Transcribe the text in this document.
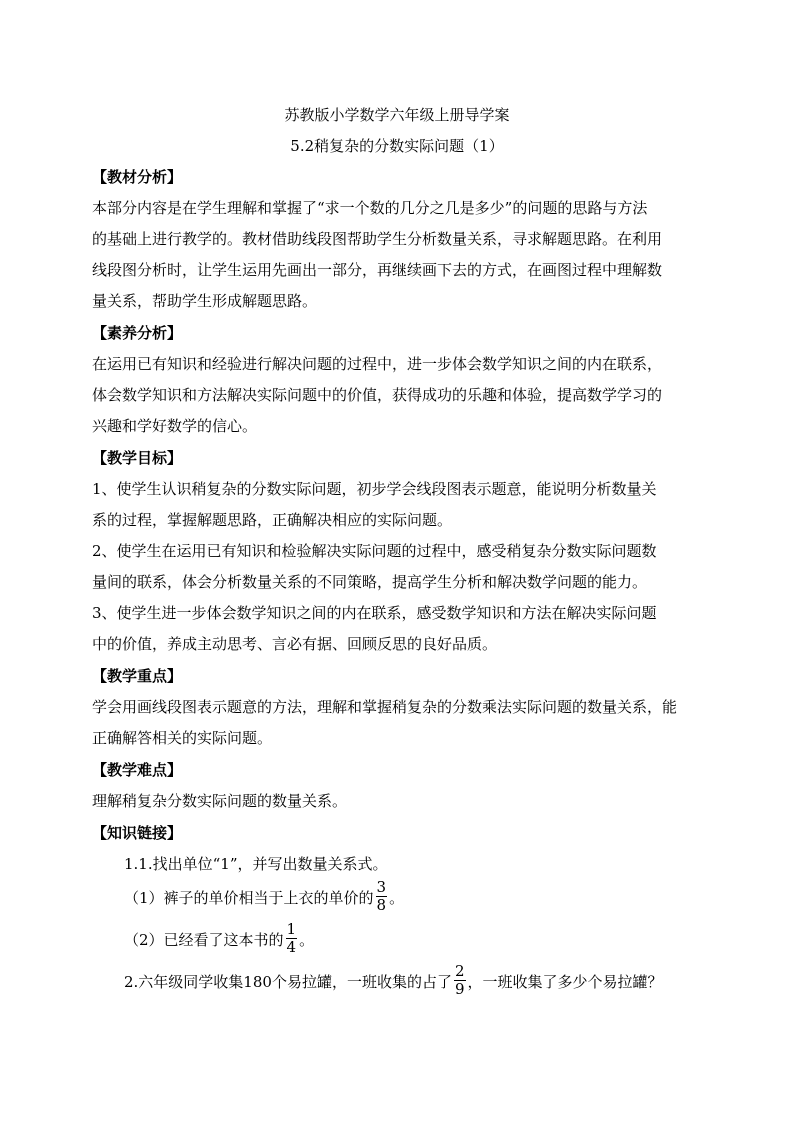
苏教版小学数学六年级上册导学案
5.2稍复杂的分数实际问题（1）
【教材分析】
本部分内容是在学生理解和掌握了“求一个数的几分之几是多少”的问题的思路与方法
的基础上进行教学的。教材借助线段图帮助学生分析数量关系，寻求解题思路。在利用
线段图分析时，让学生运用先画出一部分，再继续画下去的方式，在画图过程中理解数
量关系，帮助学生形成解题思路。
【素养分析】
在运用已有知识和经验进行解决问题的过程中，进一步体会数学知识之间的内在联系，
体会数学知识和方法解决实际问题中的价值，获得成功的乐趣和体验，提高数学学习的
兴趣和学好数学的信心。
【教学目标】
1、使学生认识稍复杂的分数实际问题，初步学会线段图表示题意，能说明分析数量关
系的过程，掌握解题思路，正确解决相应的实际问题。
2、使学生在运用已有知识和检验解决实际问题的过程中，感受稍复杂分数实际问题数
量间的联系，体会分析数量关系的不同策略，提高学生分析和解决数学问题的能力。
3、使学生进一步体会数学知识之间的内在联系，感受数学知识和方法在解决实际问题
中的价值，养成主动思考、言必有据、回顾反思的良好品质。
【教学重点】
学会用画线段图表示题意的方法，理解和掌握稍复杂的分数乘法实际问题的数量关系，能
正确解答相关的实际问题。
【教学难点】
理解稍复杂分数实际问题的数量关系。
【知识链接】
1.1.找出单位“1”，并写出数量关系式。
（1）裤子的单价相当于上衣的单价的 $\frac{3}{8}$ 。
（2）已经看了这本书的 $\frac{1}{4}$ 。
2.六年级同学收集180个易拉罐，一班收集的占了 $\frac{2}{9}$ ，一班收集了多少个易拉罐？
